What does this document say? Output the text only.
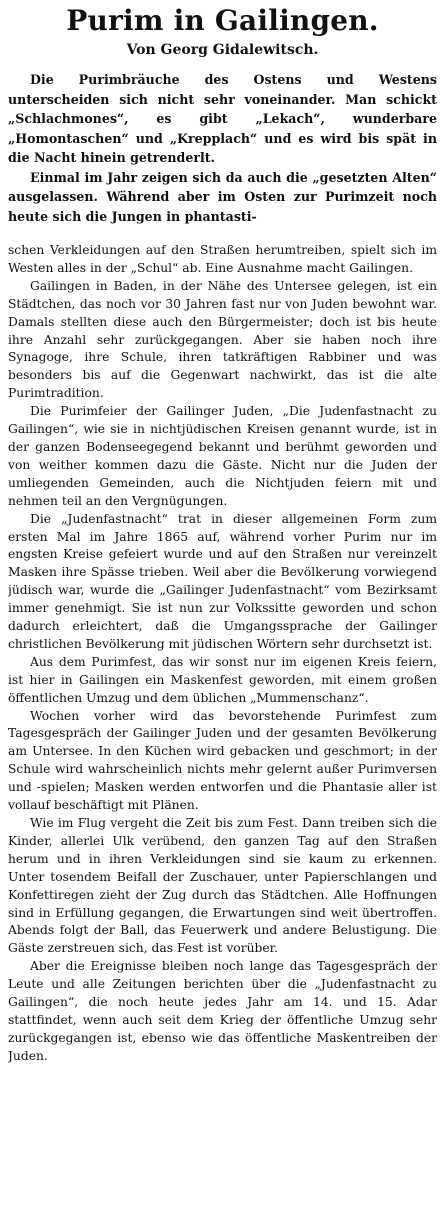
Purim in Gailingen.
Von Georg Gidalewitsch.

Die Purimbräuche des Ostens und Westens unterscheiden sich nicht sehr voneinander. Man schickt „Schlachmones“, es gibt „Lekach“, wunderbare „Homontaschen“ und „Krepplach“ und es wird bis spät in die Nacht hinein getrenderlt.

Einmal im Jahr zeigen sich da auch die „gesetzten Alten“ ausgelassen. Während aber im Osten zur Purimzeit noch heute sich die Jungen in phantasti-

schen Verkleidungen auf den Straßen herumtreiben, spielt sich im Westen alles in der „Schul“ ab. Eine Ausnahme macht Gailingen.

Gailingen in Baden, in der Nähe des Untersee gelegen, ist ein Städtchen, das noch vor 30 Jahren fast nur von Juden bewohnt war. Damals stellten diese auch den Bürgermeister; doch ist bis heute ihre Anzahl sehr zurückgegangen. Aber sie haben noch ihre Synagoge, ihre Schule, ihren tatkräftigen Rabbiner und was besonders bis auf die Gegenwart nachwirkt, das ist die alte Purimtradition.

Die Purimfeier der Gailinger Juden, „Die Judenfastnacht zu Gailingen“, wie sie in nichtjüdischen Kreisen genannt wurde, ist in der ganzen Bodenseegegend bekannt und berühmt geworden und von weither kommen dazu die Gäste. Nicht nur die Juden der umliegenden Gemeinden, auch die Nichtjuden feiern mit und nehmen teil an den Vergnügungen.

Die „Judenfastnacht“ trat in dieser allgemeinen Form zum ersten Mal im Jahre 1865 auf, während vorher Purim nur im engsten Kreise gefeiert wurde und auf den Straßen nur vereinzelt Masken ihre Spässe trieben. Weil aber die Bevölkerung vorwiegend jüdisch war, wurde die „Gailinger Judenfastnacht“ vom Bezirksamt immer genehmigt. Sie ist nun zur Volkssitte geworden und schon dadurch erleichtert, daß die Umgangssprache der Gailinger christlichen Bevölkerung mit jüdischen Wörtern sehr durchsetzt ist.

Aus dem Purimfest, das wir sonst nur im eigenen Kreis feiern, ist hier in Gailingen ein Maskenfest geworden, mit einem großen öffentlichen Umzug und dem üblichen „Mummenschanz“.

Wochen vorher wird das bevorstehende Purimfest zum Tagesgespräch der Gailinger Juden und der gesamten Bevölkerung am Untersee. In den Küchen wird gebacken und geschmort; in der Schule wird wahrscheinlich nichts mehr gelernt außer Purimversen und -spielen; Masken werden entworfen und die Phantasie aller ist vollauf beschäftigt mit Plänen.

Wie im Flug vergeht die Zeit bis zum Fest. Dann treiben sich die Kinder, allerlei Ulk verübend, den ganzen Tag auf den Straßen herum und in ihren Verkleidungen sind sie kaum zu erkennen. Unter tosendem Beifall der Zuschauer, unter Papierschlangen und Konfettiregen zieht der Zug durch das Städtchen. Alle Hoffnungen sind in Erfüllung gegangen, die Erwartungen sind weit übertroffen. Abends folgt der Ball, das Feuerwerk und andere Belustigung. Die Gäste zerstreuen sich, das Fest ist vorüber.

Aber die Ereignisse bleiben noch lange das Tagesgespräch der Leute und alle Zeitungen berichten über die „Judenfastnacht zu Gailingen“, die noch heute jedes Jahr am 14. und 15. Adar stattfindet, wenn auch seit dem Krieg der öffentliche Umzug sehr zurückgegangen ist, ebenso wie das öffentliche Maskentreiben der Juden.
